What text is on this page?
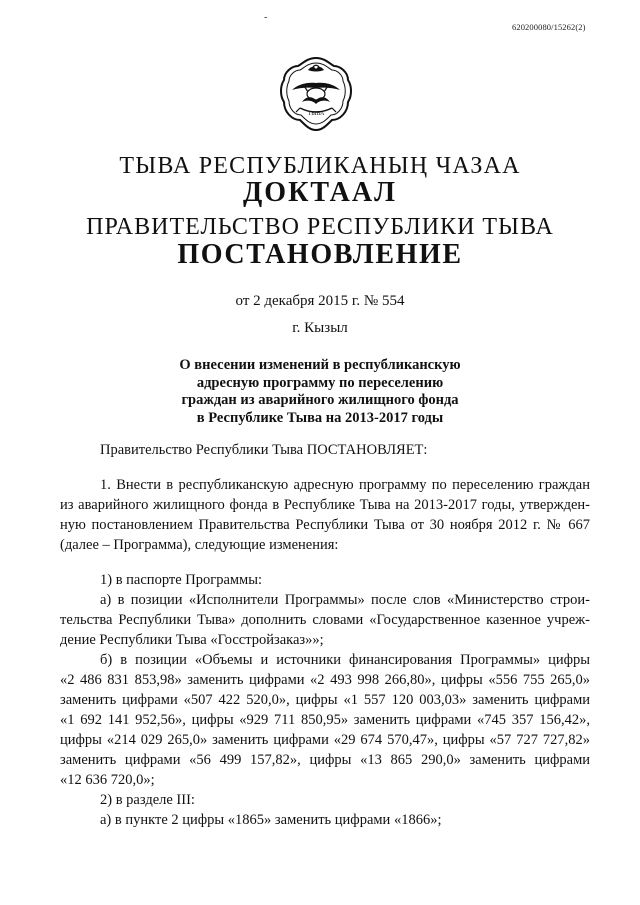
-
620200080/15262(2)
ТЫВА
ТЫВА РЕСПУБЛИКАНЫҢ ЧАЗАА
ДОКТААЛ
ПРАВИТЕЛЬСТВО РЕСПУБЛИКИ ТЫВА
ПОСТАНОВЛЕНИЕ
от 2 декабря 2015 г. № 554
г. Кызыл
О внесении изменений в республиканскую
адресную программу по переселению
граждан из аварийного жилищного фонда
в Республике Тыва на 2013-2017 годы
Правительство Республики Тыва ПОСТАНОВЛЯЕТ:
1. Внести в республиканскую адресную программу по переселению граждан
из аварийного жилищного фонда в Республике Тыва на 2013-2017 годы, утвержден-
ную постановлением Правительства Республики Тыва от 30 ноября 2012 г. № 667
(далее – Программа), следующие изменения:
1) в паспорте Программы:
а) в позиции «Исполнители Программы» после слов «Министерство строи-
тельства Республики Тыва» дополнить словами «Государственное казенное учреж-
дение Республики Тыва «Госстройзаказ»»;
б) в позиции «Объемы и источники финансирования Программы» цифры
«2 486 831 853,98» заменить цифрами «2 493 998 266,80», цифры «556 755 265,0»
заменить цифрами «507 422 520,0», цифры «1 557 120 003,03» заменить цифрами
«1 692 141 952,56», цифры «929 711 850,95» заменить цифрами «745 357 156,42»,
цифры «214 029 265,0» заменить цифрами «29 674 570,47», цифры «57 727 727,82»
заменить цифрами «56 499 157,82», цифры «13 865 290,0» заменить цифрами
«12 636 720,0»;
2) в разделе III:
а) в пункте 2 цифры «1865» заменить цифрами «1866»;
